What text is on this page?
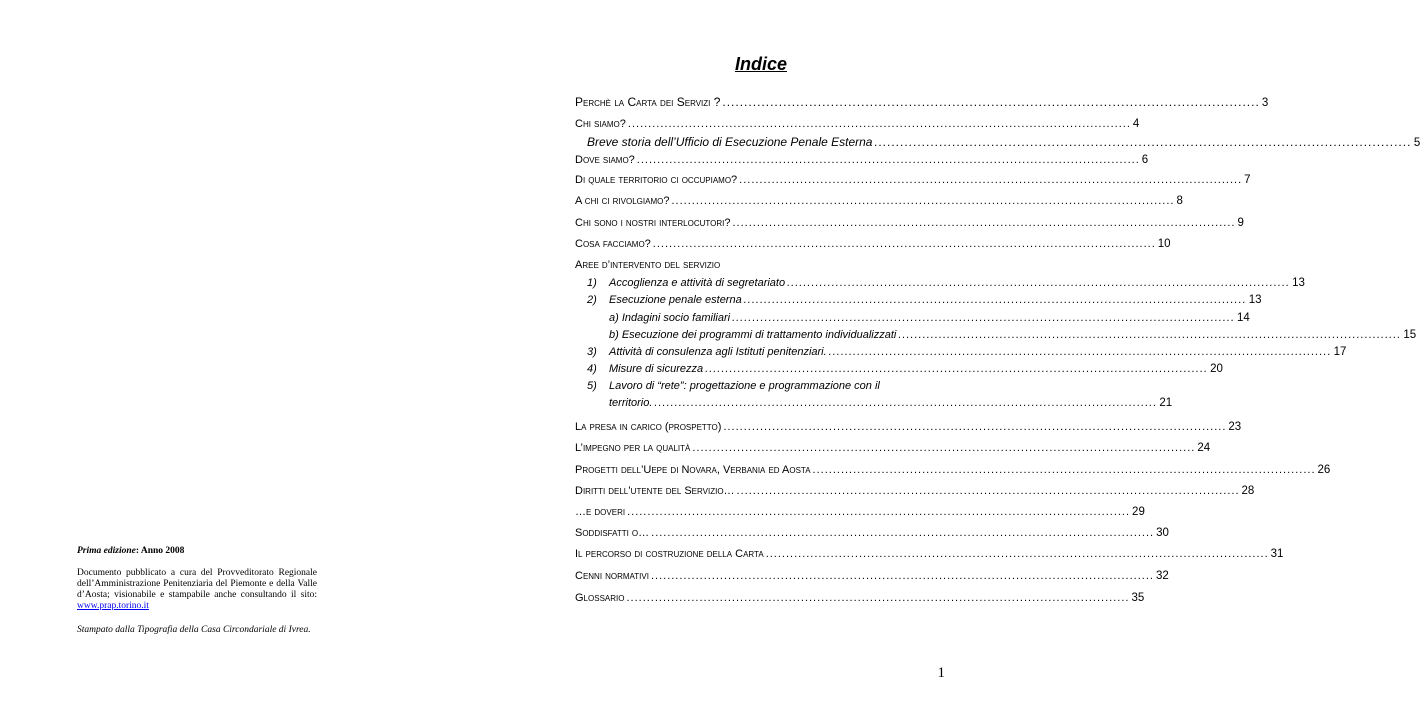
Prima edizione: Anno 2008

Documento pubblicato a cura del Provveditorato Regionale dell’Amministrazione Penitenziaria del Piemonte e della Valle d’Aosta; visionabile e stampabile anche consultando il sito: www.prap.torino.it

Stampato dalla Tipografia della Casa Circondariale di Ivrea.

Indice
Perchè la Carta dei Servizi ? ............................................................................................................................ 3
Chi siamo? ............................................................................................................................ 4
Breve storia dell’Ufficio di Esecuzione Penale Esterna ............................................................................................................................ 5
Dove siamo? ............................................................................................................................ 6
Di quale territorio ci occupiamo? ............................................................................................................................ 7
A chi ci rivolgiamo? ............................................................................................................................ 8
Chi sono i nostri interlocutori? ............................................................................................................................ 9
Cosa facciamo? ............................................................................................................................ 10
Aree d’intervento del servizio
1)	Accoglienza e attività di segretariato ............................................................................................................................ 13
2)	Esecuzione penale esterna ............................................................................................................................ 13
a) Indagini socio familiari ............................................................................................................................ 14
b) Esecuzione dei programmi di trattamento individualizzati ............................................................................................................................ 15
3)	Attività di consulenza agli Istituti penitenziari. ............................................................................................................................ 17
4)	Misure di sicurezza ............................................................................................................................ 20
5)	Lavoro di “rete”: progettazione e programmazione con il
territorio. ............................................................................................................................ 21
La presa in carico (prospetto) ............................................................................................................................ 23
L’impegno per la qualità ............................................................................................................................ 24
Progetti dell’Uepe di Novara, Verbania ed Aosta ............................................................................................................................ 26
Diritti dell’utente del Servizio… ............................................................................................................................ 28
…e doveri ............................................................................................................................ 29
Soddisfatti o… ............................................................................................................................ 30
Il percorso di costruzione della Carta ............................................................................................................................ 31
Cenni normativi ............................................................................................................................ 32
Glossario ............................................................................................................................ 35
1
